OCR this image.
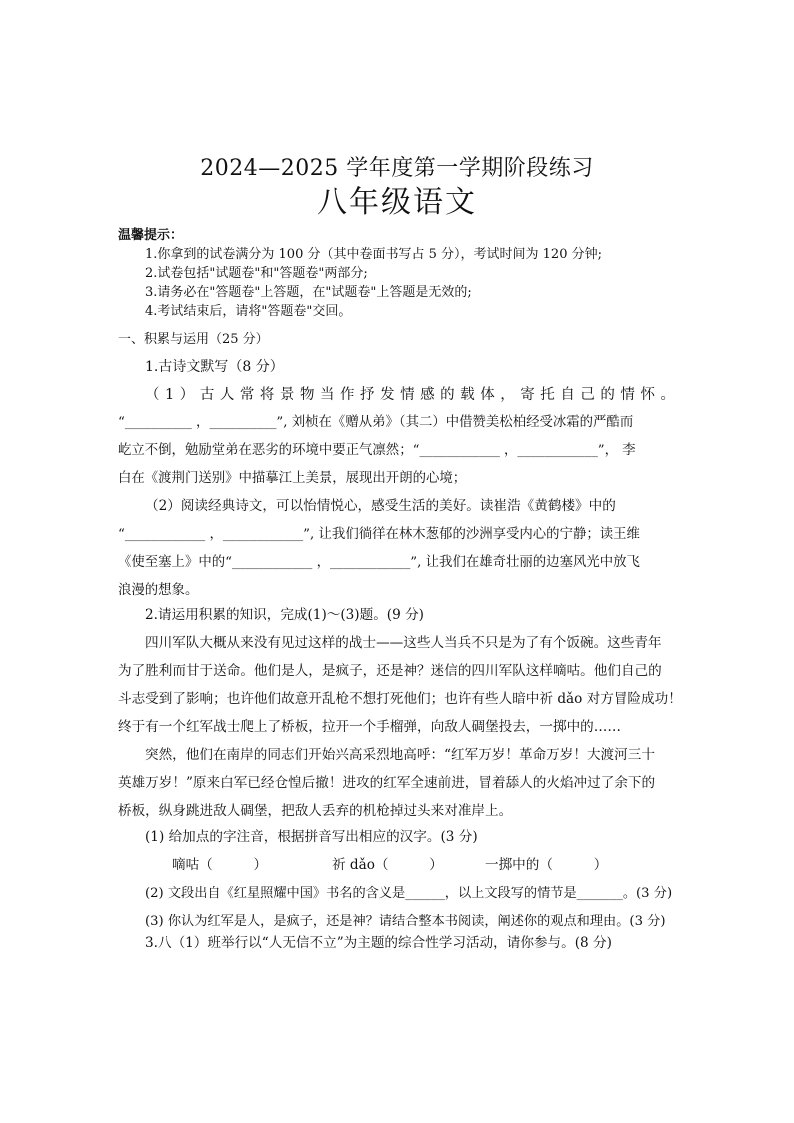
2024—2025 学年度第一学期阶段练习
八年级语文
温馨提示：
1.你拿到的试卷满分为 100 分（其中卷面书写占 5 分），考试时间为 120 分钟;
2.试卷包括"试题卷"和"答题卷"两部分;
3.请务必在"答题卷"上答题，在"试题卷"上答题是无效的;
4.考试结束后，请将"答题卷"交回。
一、积累与运用（25 分）
1.古诗文默写（8 分）
（1）古人常将景物当作抒发情感的载体，寄托自己的情怀。
“__________ ，__________”, 刘桢在《赠从弟》（其二）中借赞美松柏经受冰霜的严酷而
屹立不倒，勉励堂弟在恶劣的环境中要正气凛然；“____________ ，____________”， 李
白在《渡荆门送别》中描摹江上美景，展现出开朗的心境；
（2）阅读经典诗文，可以怡情悦心，感受生活的美好。读崔浩《黄鹤楼》中的
“____________ ，____________”, 让我们徜徉在林木葱郁的沙洲享受内心的宁静；读王维
《使至塞上》中的“____________ ，____________”, 让我们在雄奇壮丽的边塞风光中放飞
浪漫的想象。
2.请运用积累的知识，完成(1)～(3)题。(9 分)
四川军队大概从来没有见过这样的战士——这些人当兵不只是为了有个饭碗。这些青年
为了胜利而甘于送命。他们是人，是疯子，还是神？迷信的四川军队这样嘀咕。他们自己的
斗志受到了影响；也许他们故意开乱枪不想打死他们；也许有些人暗中祈 dǎo 对方冒险成功！
终于有一个红军战士爬上了桥板，拉开一个手榴弹，向敌人碉堡投去，一掷中的……
突然，他们在南岸的同志们开始兴高采烈地高呼：“红军万岁！革命万岁！大渡河三十
英雄万岁！”原来白军已经仓惶后撤！进攻的红军全速前进，冒着舔人的火焰冲过了余下的
桥板，纵身跳进敌人碉堡，把敌人丢弃的机枪掉过头来对准岸上。
(1) 给加点的字注音，根据拼音写出相应的汉字。(3 分)
嘀咕（　　　）	祈 dǎo（　　　）	一掷中的（　　　）
(2) 文段出自《红星照耀中国》书名的含义是______，以上文段写的情节是_______。(3 分)
(3) 你认为红军是人，是疯子，还是神？请结合整本书阅读，阐述你的观点和理由。(3 分)
3.八（1）班举行以“人无信不立”为主题的综合性学习活动，请你参与。(8 分)
